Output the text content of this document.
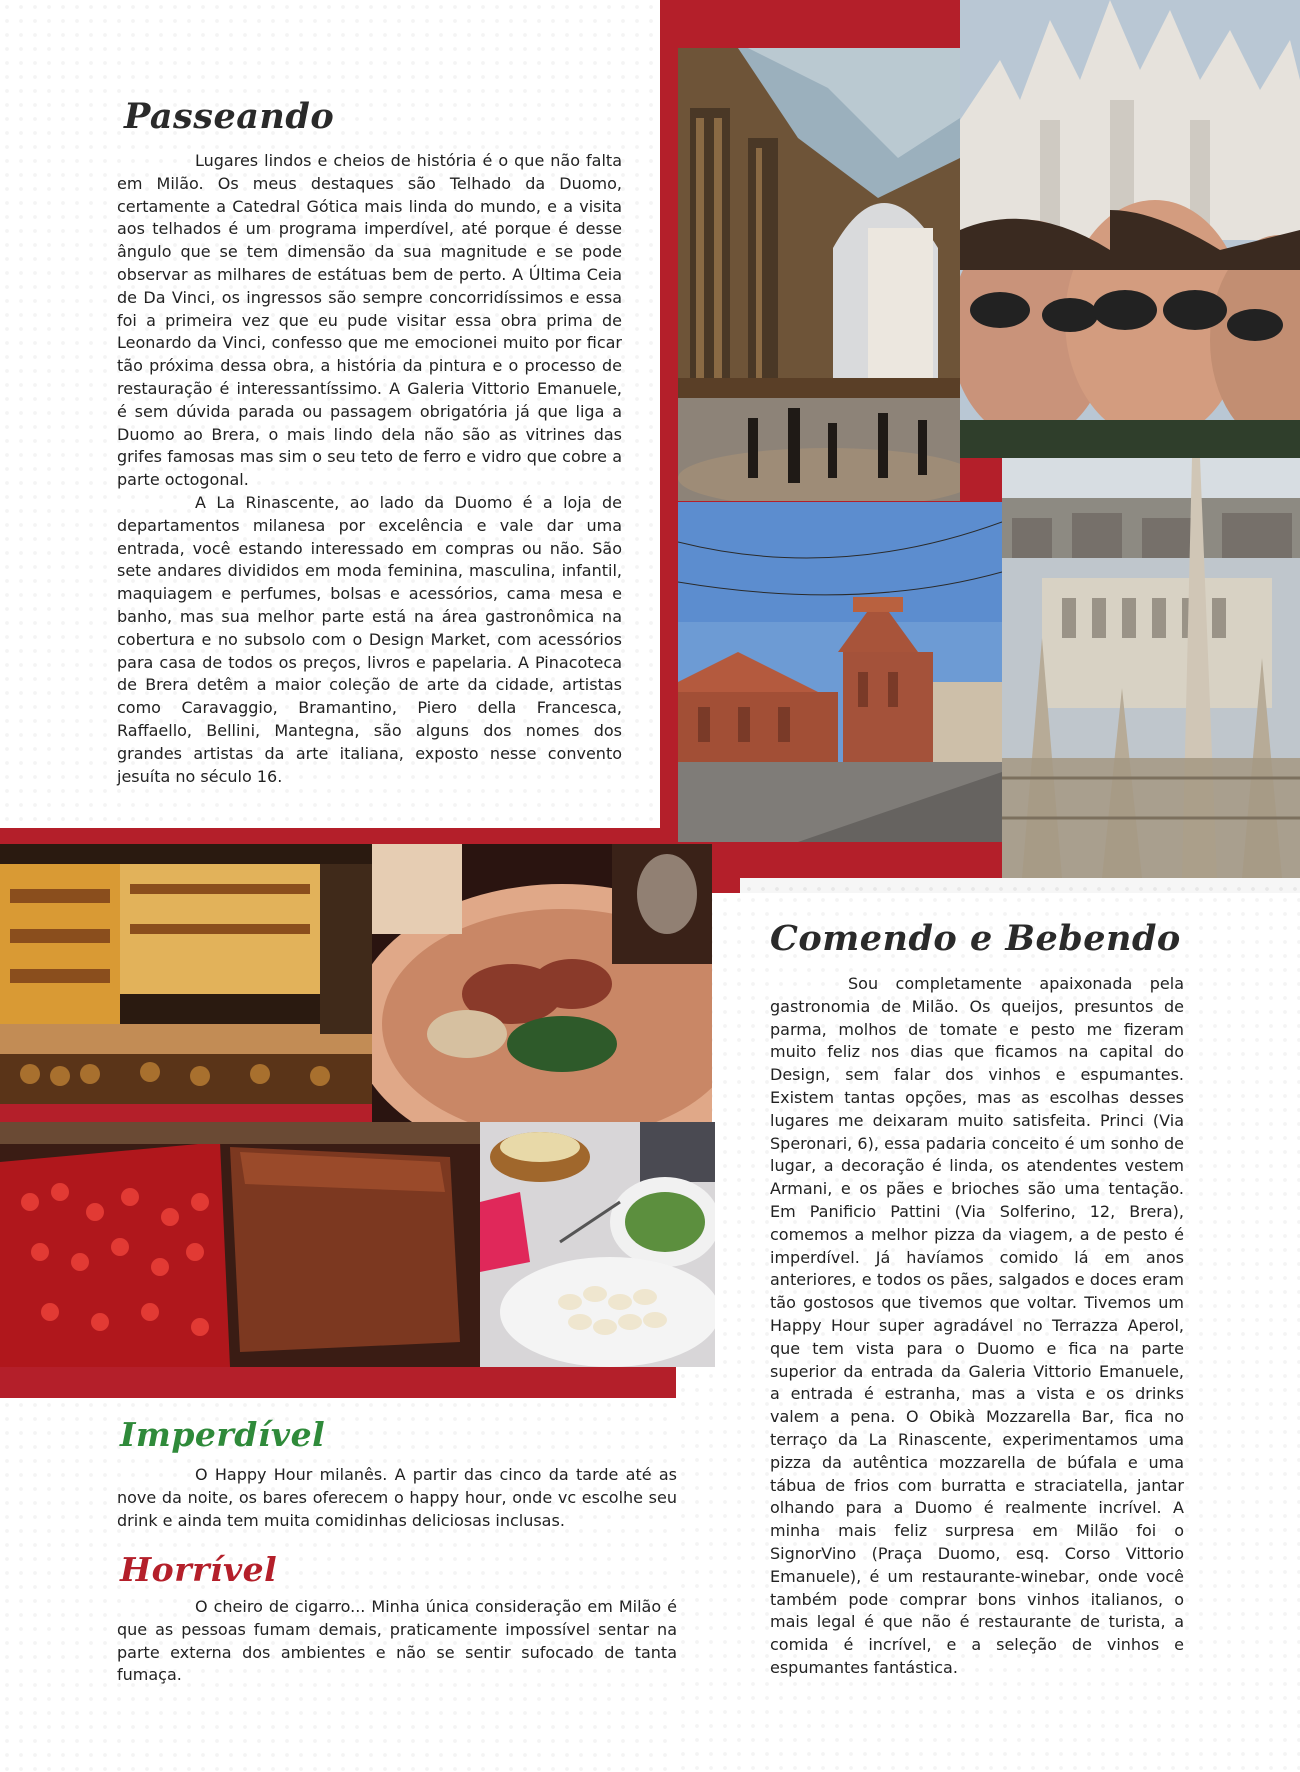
Passeando

Lugares lindos e cheios de história é o que não falta em Milão. Os meus destaques são Telhado da Duomo, certamente a Catedral Gótica mais linda do mundo, e a visita aos telhados é um programa imperdível, até porque é desse ângulo que se tem dimensão da sua magnitude e se pode observar as milhares de estátuas bem de perto. A Última Ceia de Da Vinci, os ingressos são sempre concorridíssimos e essa foi a primeira vez que eu pude visitar essa obra prima de Leonardo da Vinci, confesso que me emocionei muito por ficar tão próxima dessa obra, a história da pintura e o processo de restauração é interessantíssimo. A Galeria Vittorio Emanuele, é sem dúvida parada ou passagem obrigatória já que liga a Duomo ao Brera, o mais lindo dela não são as vitrines das grifes famosas mas sim o seu teto de ferro e vidro que cobre a parte octogonal.

A La Rinascente, ao lado da Duomo é a loja de departamentos milanesa por excelência e vale dar uma entrada, você estando interessado em compras ou não. São sete andares divididos em moda feminina, masculina, infantil, maquiagem e perfumes, bolsas e acessórios, cama mesa e banho, mas sua melhor parte está na área gastronômica na cobertura e no subsolo com o Design Market, com acessórios para casa de todos os preços, livros e papelaria. A Pinacoteca de Brera detêm a maior coleção de arte da cidade, artistas como Caravaggio, Bramantino, Piero della Francesca, Raffaello, Bellini, Mantegna, são alguns dos nomes dos grandes artistas da arte italiana, exposto nesse convento jesuíta no século 16.

Comendo e Bebendo

Sou completamente apaixonada pela gastronomia de Milão. Os queijos, presuntos de parma, molhos de tomate e pesto me fizeram muito feliz nos dias que ficamos na capital do Design, sem falar dos vinhos e espumantes. Existem tantas opções, mas as escolhas desses lugares me deixaram muito satisfeita. Princi (Via Speronari, 6), essa padaria conceito é um sonho de lugar, a decoração é linda, os atendentes vestem Armani, e os pães e brioches são uma tentação. Em Panificio Pattini (Via Solferino, 12, Brera), comemos a melhor pizza da viagem, a de pesto é imperdível. Já havíamos comido lá em anos anteriores, e todos os pães, salgados e doces eram tão gostosos que tivemos que voltar. Tivemos um Happy Hour super agradável no Terrazza Aperol, que tem vista para o Duomo e fica na parte superior da entrada da Galeria Vittorio Emanuele, a entrada é estranha, mas a vista e os drinks valem a pena. O Obikà Mozzarella Bar, fica no terraço da La Rinascente, experimentamos uma pizza da autêntica mozzarella de búfala e uma tábua de frios com burratta e straciatella, jantar olhando para a Duomo é realmente incrível. A minha mais feliz surpresa em Milão foi o SignorVino (Praça Duomo, esq. Corso Vittorio Emanuele), é um restaurante-winebar, onde você também pode comprar bons vinhos italianos, o mais legal é que não é restaurante de turista, a comida é incrível, e a seleção de vinhos e espumantes fantástica.

Imperdível

O Happy Hour milanês. A partir das cinco da tarde até as nove da noite, os bares oferecem o happy hour, onde vc escolhe seu drink e ainda tem muita comidinhas deliciosas inclusas.

Horrível

O cheiro de cigarro... Minha única consideração em Milão é que as pessoas fumam demais, praticamente impossível sentar na parte externa dos ambientes e não se sentir sufocado de tanta fumaça.
